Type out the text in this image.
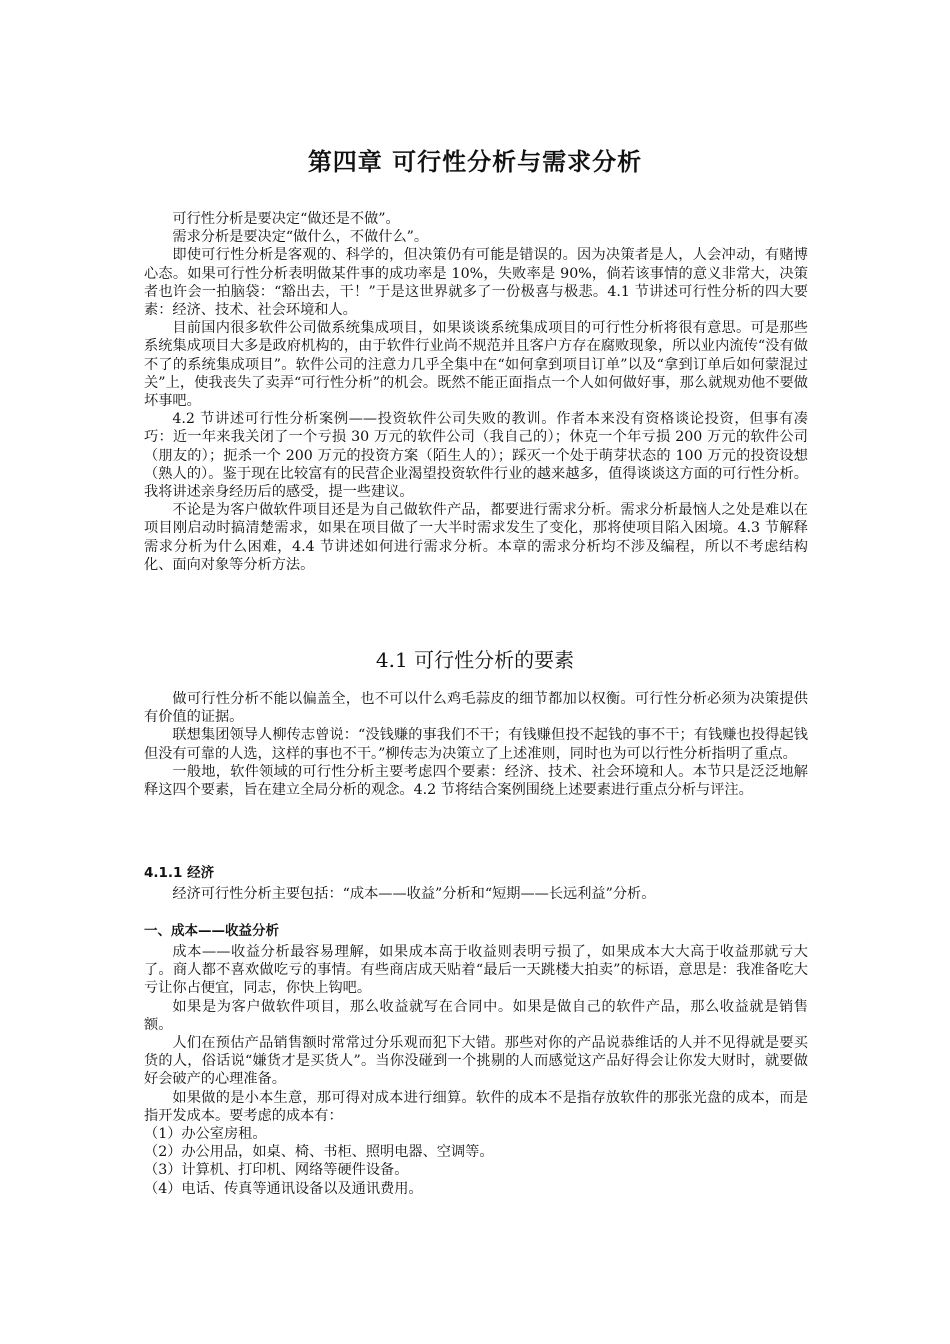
第四章 可行性分析与需求分析

可行性分析是要决定“做还是不做”。

需求分析是要决定“做什么，不做什么”。

即使可行性分析是客观的、科学的，但决策仍有可能是错误的。因为决策者是人，人会冲动，有赌博心态。如果可行性分析表明做某件事的成功率是 10%，失败率是 90%，倘若该事情的意义非常大，决策者也许会一拍脑袋：“豁出去，干！”于是这世界就多了一份极喜与极悲。4.1 节讲述可行性分析的四大要素：经济、技术、社会环境和人。

目前国内很多软件公司做系统集成项目，如果谈谈系统集成项目的可行性分析将很有意思。可是那些系统集成项目大多是政府机构的，由于软件行业尚不规范并且客户方存在腐败现象，所以业内流传“没有做不了的系统集成项目”。软件公司的注意力几乎全集中在“如何拿到项目订单”以及“拿到订单后如何蒙混过关”上，使我丧失了卖弄“可行性分析”的机会。既然不能正面指点一个人如何做好事，那么就规劝他不要做坏事吧。

4.2 节讲述可行性分析案例——投资软件公司失败的教训。作者本来没有资格谈论投资，但事有凑巧：近一年来我关闭了一个亏损 30 万元的软件公司（我自己的）；休克一个年亏损 200 万元的软件公司（朋友的）；扼杀一个 200 万元的投资方案（陌生人的）；踩灭一个处于萌芽状态的 100 万元的投资设想（熟人的）。鉴于现在比较富有的民营企业渴望投资软件行业的越来越多，值得谈谈这方面的可行性分析。我将讲述亲身经历后的感受，提一些建议。

不论是为客户做软件项目还是为自己做软件产品，都要进行需求分析。需求分析最恼人之处是难以在项目刚启动时搞清楚需求，如果在项目做了一大半时需求发生了变化，那将使项目陷入困境。4.3 节解释需求分析为什么困难，4.4 节讲述如何进行需求分析。本章的需求分析均不涉及编程，所以不考虑结构化、面向对象等分析方法。

4.1 可行性分析的要素

做可行性分析不能以偏盖全，也不可以什么鸡毛蒜皮的细节都加以权衡。可行性分析必须为决策提供有价值的证据。

联想集团领导人柳传志曾说：“没钱赚的事我们不干；有钱赚但投不起钱的事不干；有钱赚也投得起钱但没有可靠的人选，这样的事也不干。”柳传志为决策立了上述准则，同时也为可以行性分析指明了重点。

一般地，软件领域的可行性分析主要考虑四个要素：经济、技术、社会环境和人。本节只是泛泛地解释这四个要素，旨在建立全局分析的观念。4.2 节将结合案例围绕上述要素进行重点分析与评注。

4.1.1 经济

经济可行性分析主要包括：“成本——收益”分析和“短期——长远利益”分析。

一、成本——收益分析

成本——收益分析最容易理解，如果成本高于收益则表明亏损了，如果成本大大高于收益那就亏大了。商人都不喜欢做吃亏的事情。有些商店成天贴着“最后一天跳楼大拍卖”的标语，意思是：我准备吃大亏让你占便宜，同志，你快上钩吧。

如果是为客户做软件项目，那么收益就写在合同中。如果是做自己的软件产品，那么收益就是销售额。

人们在预估产品销售额时常常过分乐观而犯下大错。那些对你的产品说恭维话的人并不见得就是要买货的人，俗话说“嫌货才是买货人”。当你没碰到一个挑剔的人而感觉这产品好得会让你发大财时，就要做好会破产的心理准备。

如果做的是小本生意，那可得对成本进行细算。软件的成本不是指存放软件的那张光盘的成本，而是指开发成本。要考虑的成本有：

（1）办公室房租。

（2）办公用品，如桌、椅、书柜、照明电器、空调等。

（3）计算机、打印机、网络等硬件设备。

（4）电话、传真等通讯设备以及通讯费用。
